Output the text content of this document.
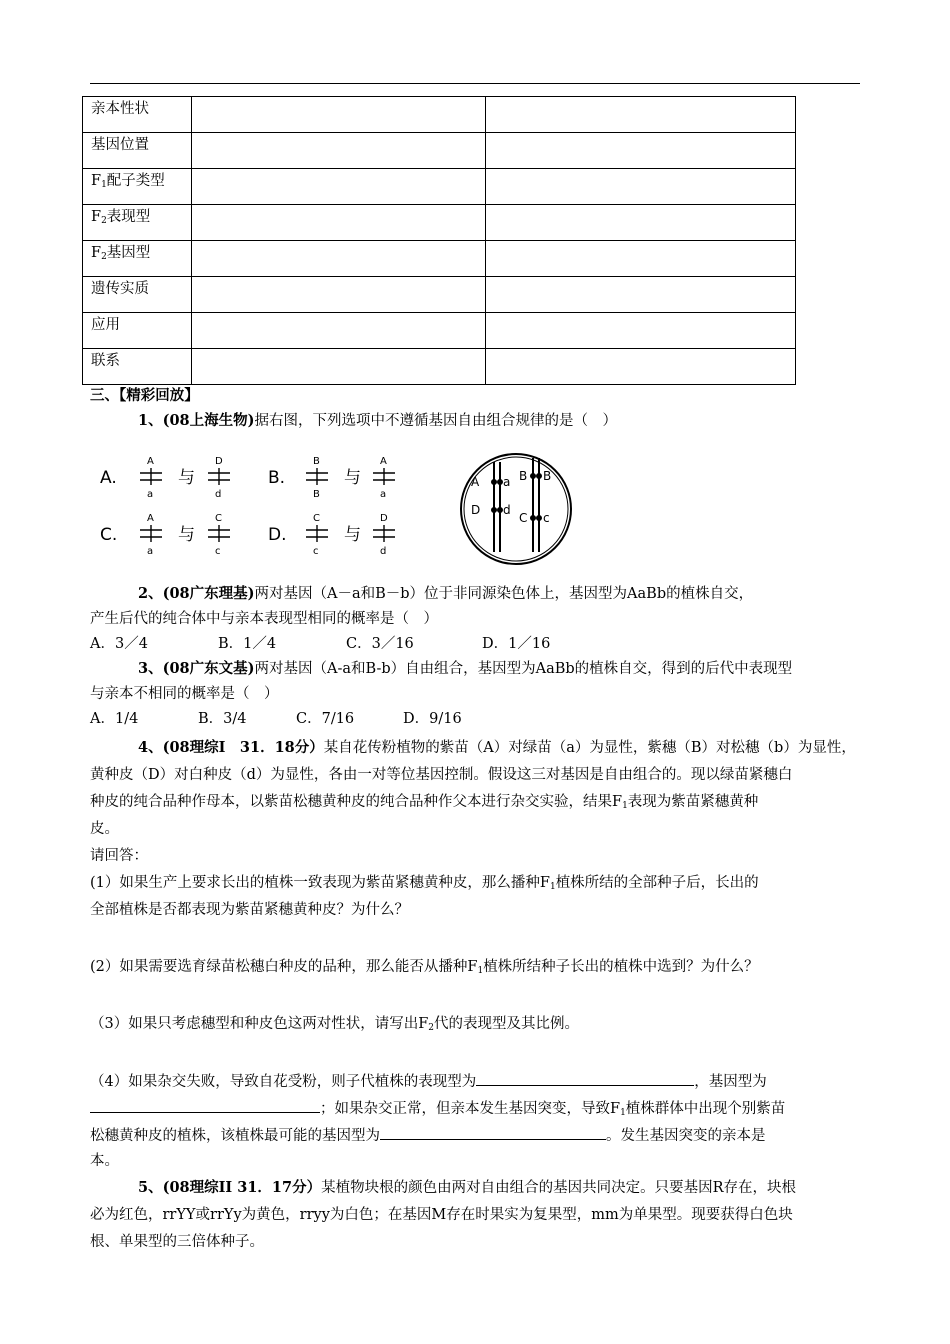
亲本性状		
基因位置		
$F_1$配子类型		
$F_2$表现型		
$F_2$基因型		
遗传实质		
应用		
联系		
三、【精彩回放】
1、(08上海生物)据右图，下列选项中不遵循基因自由组合规律的是（　）
A.
A
a
与
D
d
B.
B
B
与
A
a
C.
A
a
与
C
c
D.
C
c
与
D
d
A a
D d
B B
C c
2、(08广东理基)两对基因（A－a和B－b）位于非同源染色体上，基因型为AaBb的植株自交，
产生后代的纯合体中与亲本表现型相同的概率是（　）
A．3／4	B．1／4	C．3／16	D．1／16
3、(08广东文基)两对基因（A-a和B-b）自由组合，基因型为AaBb的植株自交，得到的后代中表现型
与亲本不相同的概率是（　）
A．1/4	B．3/4	C．7/16	D．9/16
4、(08理综Ⅰ　31．18分）某自花传粉植物的紫苗（A）对绿苗（a）为显性，紫穗（B）对松穗（b）为显性，
黄种皮（D）对白种皮（d）为显性，各由一对等位基因控制。假设这三对基因是自由组合的。现以绿苗紧穗白
种皮的纯合品种作母本，以紫苗松穗黄种皮的纯合品种作父本进行杂交实验，结果$F_1$表现为紫苗紧穗黄种
皮。
请回答：
(1）如果生产上要求长出的植株一致表现为紫苗紧穗黄种皮，那么播种$F_1$植株所结的全部种子后，长出的
全部植株是否都表现为紫苗紧穗黄种皮？为什么？
(2）如果需要选育绿苗松穗白种皮的品种，那么能否从播种$F_1$植株所结种子长出的植株中选到？为什么？
（3）如果只考虑穗型和种皮色这两对性状，请写出$F_2$代的表现型及其比例。
（4）如果杂交失败，导致自花受粉，则子代植株的表现型为	，基因型为
；如果杂交正常，但亲本发生基因突变，导致$F_1$植株群体中出现个别紫苗
松穗黄种皮的植株，该植株最可能的基因型为	。发生基因突变的亲本是
本。
5、(08理综II 31．17分）某植物块根的颜色由两对自由组合的基因共同决定。只要基因R存在，块根
必为红色，rrYY或rrYy为黄色，rryy为白色；在基因M存在时果实为复果型，mm为单果型。现要获得白色块
根、单果型的三倍体种子。
